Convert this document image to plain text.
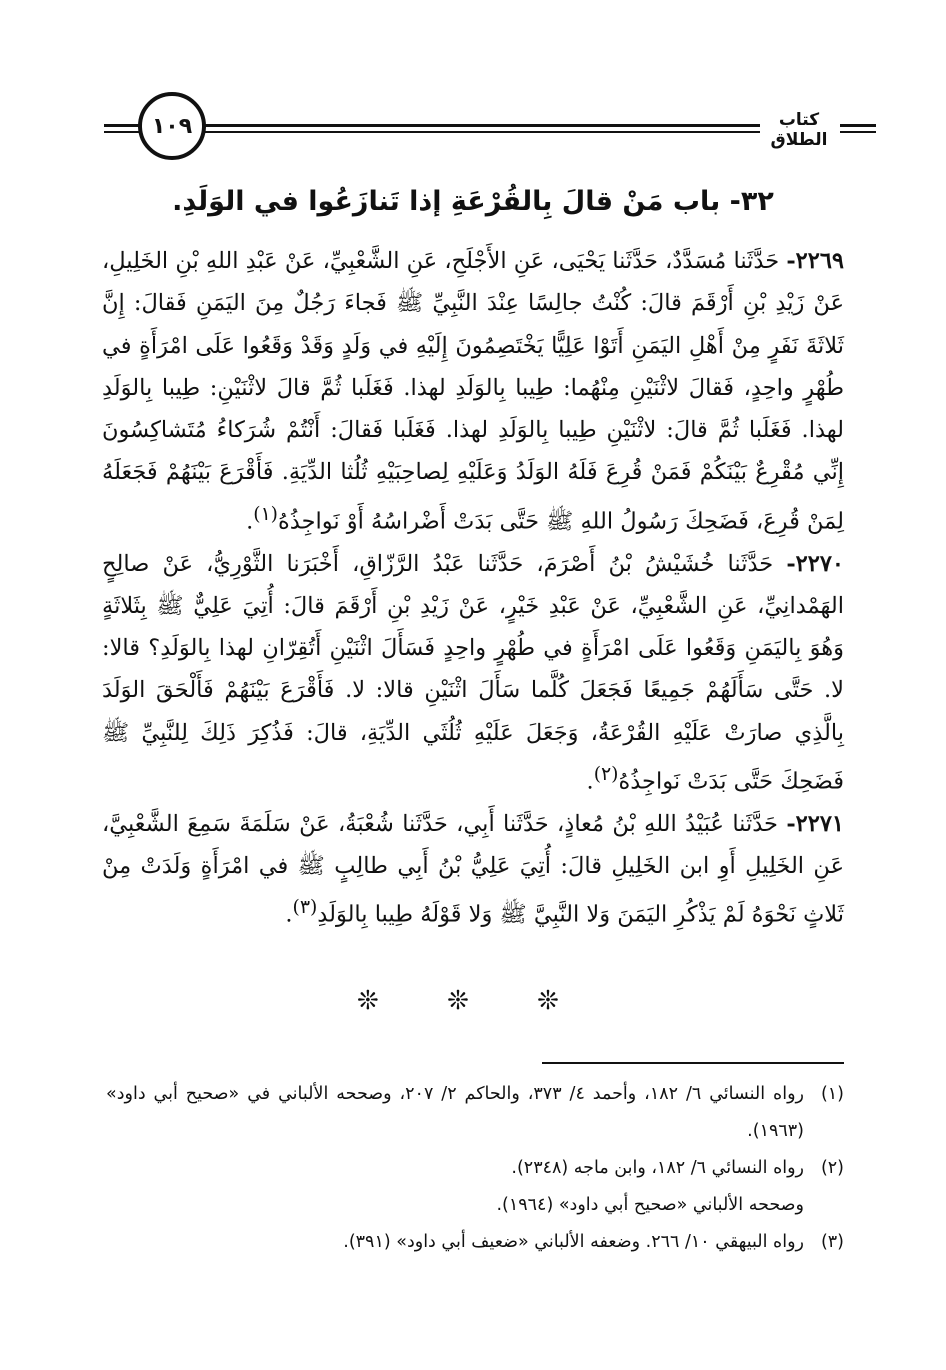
١٠٩	كتاب الطلاق
٣٢- باب مَنْ قالَ بِالقُرْعَةِ إذا تَنازَعُوا في الوَلَدِ.

٢٢٦٩- حَدَّثَنا مُسَدَّدٌ، حَدَّثَنا يَحْيَى، عَنِ الأَجْلَحِ، عَنِ الشَّعْبِيِّ، عَنْ عَبْدِ اللهِ بْنِ الخَلِيلِ، عَنْ زَيْدِ بْنِ أَرْقَمَ قالَ: كُنْتُ جالِسًا عِنْدَ النَّبِيِّ ﷺ فَجاءَ رَجُلٌ مِنَ اليَمَنِ فَقالَ: إِنَّ ثَلاثَةَ نَفَرٍ مِنْ أَهْلِ اليَمَنِ أَتَوْا عَلِيًّا يَخْتَصِمُونَ إِلَيْهِ في وَلَدٍ وَقَدْ وَقَعُوا عَلَى امْرَأَةٍ في طُهْرٍ واحِدٍ، فَقالَ لاثْنَيْنِ مِنْهُما: طِيبا بِالوَلَدِ لهذا. فَغَلَبا ثُمَّ قالَ لاثْنَيْنِ: طِيبا بِالوَلَدِ لهذا. فَغَلَبا ثُمَّ قالَ: لاثْنَيْنِ طِيبا بِالوَلَدِ لهذا. فَغَلَبا فَقالَ: أَنْتُمْ شُرَكاءُ مُتَشاكِسُونَ إِنِّي مُقْرِعٌ بَيْنَكُمْ فَمَنْ قُرِعَ فَلَهُ الوَلَدُ وَعَلَيْهِ لِصاحِبَيْهِ ثُلُثا الدِّيَةِ. فَأَقْرَعَ بَيْنَهُمْ فَجَعَلَهُ لِمَنْ قُرِعَ، فَضَحِكَ رَسُولُ اللهِ ﷺ حَتَّى بَدَتْ أَضْراسُهُ أَوْ نَواجِذُهُ$^{(١)}$.

٢٢٧٠- حَدَّثَنا خُشَيْشُ بْنُ أَصْرَمَ، حَدَّثَنا عَبْدُ الرَّزّاقِ، أَخْبَرَنا الثَّوْرِيُّ، عَنْ صالِحٍ الهَمْدانِيِّ، عَنِ الشَّعْبِيِّ، عَنْ عَبْدِ خَيْرٍ، عَنْ زَيْدِ بْنِ أَرْقَمَ قالَ: أُتِيَ عَلِيٌّ ﷺ بِثَلاثَةٍ وَهُوَ بِاليَمَنِ وَقَعُوا عَلَى امْرَأَةٍ في طُهْرٍ واحِدٍ فَسَأَلَ اثْنَيْنِ أَتُقِرّانِ لهذا بِالوَلَدِ؟ قالا: لا. حَتَّى سَأَلَهُمْ جَمِيعًا فَجَعَلَ كُلَّما سَأَلَ اثْنَيْنِ قالا: لا. فَأَقْرَعَ بَيْنَهُمْ فَأَلْحَقَ الوَلَدَ بِالَّذِي صارَتْ عَلَيْهِ القُرْعَةُ، وَجَعَلَ عَلَيْهِ ثُلُثَي الدِّيَةِ، قالَ: فَذُكِرَ ذَلِكَ لِلنَّبِيِّ ﷺ فَضَحِكَ حَتَّى بَدَتْ نَواجِذُهُ$^{(٢)}$.

٢٢٧١- حَدَّثَنا عُبَيْدُ اللهِ بْنُ مُعاذٍ، حَدَّثَنا أَبِي، حَدَّثَنا شُعْبَةُ، عَنْ سَلَمَةَ سَمِعَ الشَّعْبِيَّ، عَنِ الخَلِيلِ أَوِ ابن الخَلِيلِ قالَ: أُتِيَ عَلِيُّ بْنُ أَبِي طالِبٍ ﷺ في امْرَأَةٍ وَلَدَتْ مِنْ ثَلاثٍ نَحْوَهُ لَمْ يَذْكُرِ اليَمَنَ وَلا النَّبِيَّ ﷺ وَلا قَوْلَهُ طِيبا بِالوَلَدِ$^{(٣)}$.

❊ ❊ ❊
(١)
رواه النسائي ٦/ ١٨٢، وأحمد ٤/ ٣٧٣، والحاكم ٢/ ٢٠٧، وصححه الألباني في «صحيح أبي داود» (١٩٦٣).
(٢)
رواه النسائي ٦/ ١٨٢، وابن ماجه (٢٣٤٨).
وصححه الألباني «صحيح أبي داود» (١٩٦٤).
(٣)
رواه البيهقي ١٠/ ٢٦٦. وضعفه الألباني «ضعيف أبي داود» (٣٩١).
